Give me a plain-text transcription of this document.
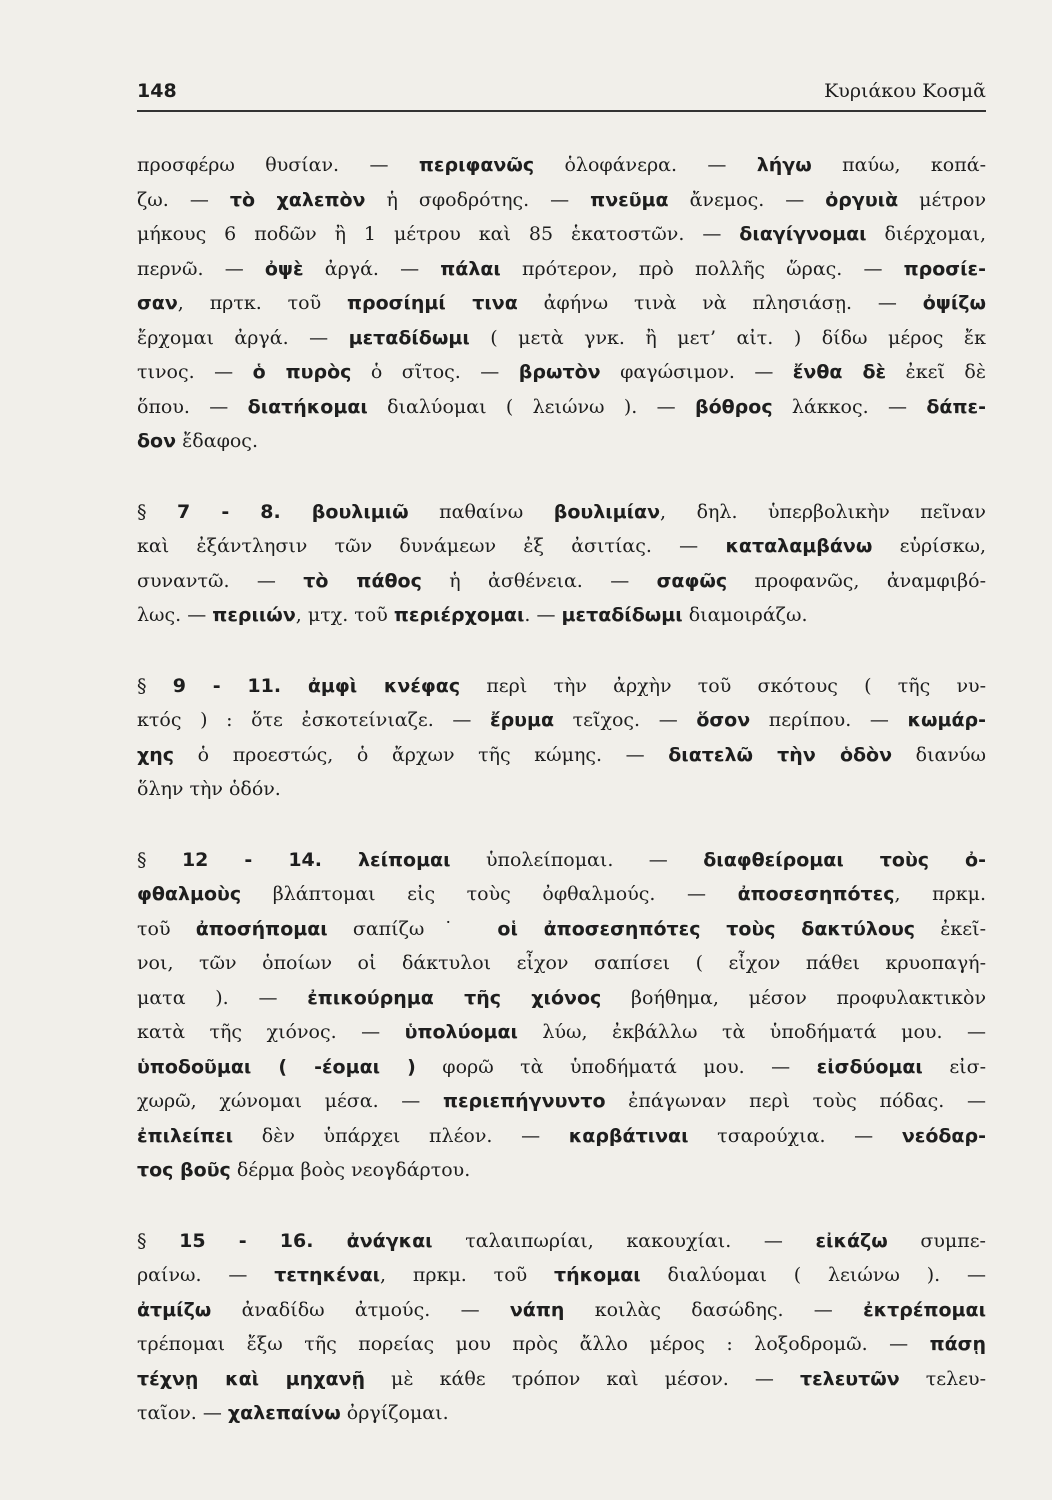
148	Κυριάκου Κοσμᾶ
προσφέρω θυσίαν. — περιφανῶς ὁλοφάνερα. — λήγω παύω, κοπά-
ζω. — τὸ χαλεπὸν ἡ σφοδρότης. — πνεῦμα ἄνεμος. — ὀργυιὰ μέτρον
μήκους 6 ποδῶν ἢ 1 μέτρου καὶ 85 ἑκατοστῶν. — διαγίγνομαι διέρχομαι,
περνῶ. — ὀψὲ ἀργά. — πάλαι πρότερον, πρὸ πολλῆς ὥρας. — προσίε-
σαν, πρτκ. τοῦ προσίημί τινα ἀφήνω τινὰ νὰ πλησιάσῃ. — ὀψίζω
ἔρχομαι ἀργά. — μεταδίδωμι ( μετὰ γνκ. ἢ μετ’ αἰτ. ) δίδω μέρος ἔκ
τινος. — ὁ πυρὸς ὁ σῖτος. — βρωτὸν φαγώσιμον. — ἔνθα δὲ ἐκεῖ δὲ
ὅπου. — διατήκομαι διαλύομαι ( λειώνω ). — βόθρος λάκκος. — δάπε-
δον ἔδαφος.
§ 7 - 8. βουλιμιῶ παθαίνω βουλιμίαν, δηλ. ὑπερβολικὴν πεῖναν
καὶ ἐξάντλησιν τῶν δυνάμεων ἐξ ἀσιτίας. — καταλαμβάνω εὑρίσκω,
συναντῶ. — τὸ πάθος ἡ ἀσθένεια. — σαφῶς προφανῶς, ἀναμφιβό-
λως. — περιιών, μτχ. τοῦ περιέρχομαι. — μεταδίδωμι διαμοιράζω.
§ 9 - 11. ἀμφὶ κνέφας περὶ τὴν ἀρχὴν τοῦ σκότους ( τῆς νυ-
κτός ) : ὅτε ἐσκοτείνιαζε. — ἔρυμα τεῖχος. — ὅσον περίπου. — κωμάρ-
χης ὁ προεστώς, ὁ ἄρχων τῆς κώμης. — διατελῶ τὴν ὁδὸν διανύω
ὅλην τὴν ὁδόν.
§ 12 - 14. λείπομαι ὑπολείπομαι. — διαφθείρομαι τοὺς ὀ-
φθαλμοὺς βλάπτομαι εἰς τοὺς ὀφθαλμούς. — ἀποσεσηπότες, πρκμ.
τοῦ ἀποσήπομαι σαπίζω˙ οἱ ἀποσεσηπότες τοὺς δακτύλους ἐκεῖ-
νοι, τῶν ὁποίων οἱ δάκτυλοι εἶχον σαπίσει ( εἶχον πάθει κρυοπαγή-
ματα ). — ἐπικούρημα τῆς χιόνος βοήθημα, μέσον προφυλακτικὸν
κατὰ τῆς χιόνος. — ὑπολύομαι λύω, ἐκβάλλω τὰ ὑποδήματά μου. —
ὑποδοῦμαι ( -έομαι ) φορῶ τὰ ὑποδήματά μου. — εἰσδύομαι εἰσ-
χωρῶ, χώνομαι μέσα. — περιεπήγνυντο ἐπάγωναν περὶ τοὺς πόδας. —
ἐπιλείπει δὲν ὑπάρχει πλέον. — καρβάτιναι τσαρούχια. — νεόδαρ-
τος βοῦς δέρμα βοὸς νεογδάρτου.
§ 15 - 16. ἀνάγκαι ταλαιπωρίαι, κακουχίαι. — εἰκάζω συμπε-
ραίνω. — τετηκέναι, πρκμ. τοῦ τήκομαι διαλύομαι ( λειώνω ). —
ἀτμίζω ἀναδίδω ἀτμούς. — νάπη κοιλὰς δασώδης. — ἐκτρέπομαι
τρέπομαι ἔξω τῆς πορείας μου πρὸς ἄλλο μέρος : λοξοδρομῶ. — πάσῃ
τέχνῃ καὶ μηχανῇ μὲ κάθε τρόπον καὶ μέσον. — τελευτῶν τελευ-
ταῖον. — χαλεπαίνω ὀργίζομαι.
